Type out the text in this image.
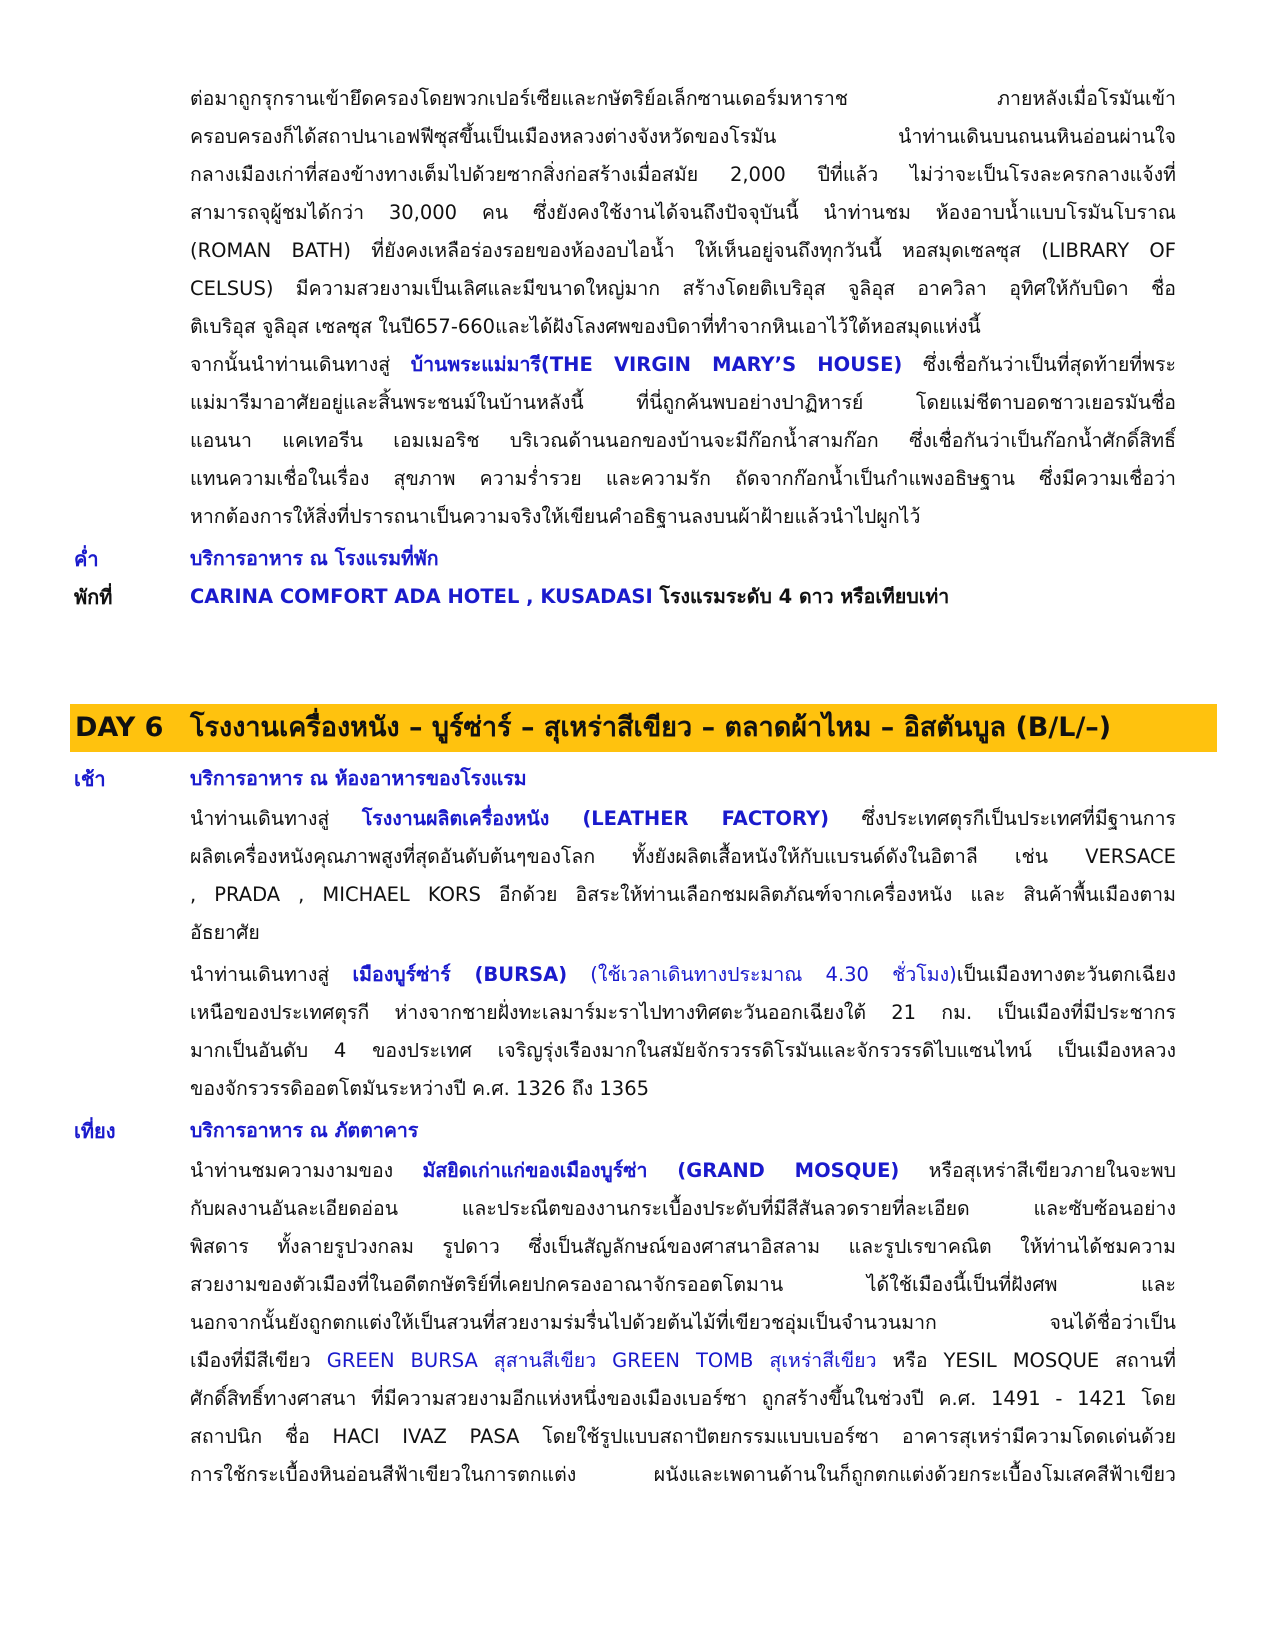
ต่อมาถูกรุกรานเข้ายึดครองโดยพวกเปอร์เซียและกษัตริย์อเล็กซานเดอร์มหาราช ภายหลังเมื่อโรมันเข้า
ครอบครองก็ได้สถาปนาเอฟฟีซุสขึ้นเป็นเมืองหลวงต่างจังหวัดของโรมัน นำท่านเดินบนถนนหินอ่อนผ่านใจ
กลางเมืองเก่าที่สองข้างทางเต็มไปด้วยซากสิ่งก่อสร้างเมื่อสมัย 2,000 ปีที่แล้ว ไม่ว่าจะเป็นโรงละครกลางแจ้งที่
สามารถจุผู้ชมได้กว่า 30,000 คน ซึ่งยังคงใช้งานได้จนถึงปัจจุบันนี้ นำท่านชม ห้องอาบน้ำแบบโรมันโบราณ
(ROMAN BATH) ที่ยังคงเหลือร่องรอยของห้องอบไอน้ำ ให้เห็นอยู่จนถึงทุกวันนี้ หอสมุดเซลซุส (LIBRARY OF
CELSUS) มีความสวยงามเป็นเลิศและมีขนาดใหญ่มาก สร้างโดยติเบริอุส จูลิอุส อาควิลา อุทิศให้กับบิดา ชื่อ
ติเบริอุส จูลิอุส เซลซุส ในปี657-660และได้ฝังโลงศพของบิดาที่ทำจากหินเอาไว้ใต้หอสมุดแห่งนี้
จากนั้นนำท่านเดินทางสู่ บ้านพระแม่มารี(THE VIRGIN MARY’S HOUSE) ซึ่งเชื่อกันว่าเป็นที่สุดท้ายที่พระ
แม่มารีมาอาศัยอยู่และสิ้นพระชนม์ในบ้านหลังนี้ ที่นี่ถูกค้นพบอย่างปาฏิหารย์ โดยแม่ชีตาบอดชาวเยอรมันชื่อ
แอนนา แคเทอรีน เอมเมอริช บริเวณด้านนอกของบ้านจะมีก๊อกน้ำสามก๊อก ซึ่งเชื่อกันว่าเป็นก๊อกน้ำศักดิ์สิทธิ์
แทนความเชื่อในเรื่อง สุขภาพ ความร่ำรวย และความรัก ถัดจากก๊อกน้ำเป็นกำแพงอธิษฐาน ซึ่งมีความเชื่อว่า
หากต้องการให้สิ่งที่ปรารถนาเป็นความจริงให้เขียนคำอธิฐานลงบนผ้าฝ้ายแล้วนำไปผูกไว้
ค่ำ	บริการอาหาร ณ โรงแรมที่พัก
พักที่	CARINA COMFORT ADA HOTEL , KUSADASI โรงแรมระดับ 4 ดาว หรือเทียบเท่า
DAY 6 โรงงานเครื่องหนัง – บูร์ซ่าร์ – สุเหร่าสีเขียว – ตลาดผ้าไหม – อิสตันบูล (B/L/–)
เช้า	บริการอาหาร ณ ห้องอาหารของโรงแรม
นำท่านเดินทางสู่ โรงงานผลิตเครื่องหนัง (LEATHER FACTORY) ซึ่งประเทศตุรกีเป็นประเทศที่มีฐานการ
ผลิตเครื่องหนังคุณภาพสูงที่สุดอันดับต้นๆของโลก ทั้งยังผลิตเสื้อหนังให้กับแบรนด์ดังในอิตาลี เช่น VERSACE
, PRADA , MICHAEL KORS อีกด้วย อิสระให้ท่านเลือกชมผลิตภัณฑ์จากเครื่องหนัง และ สินค้าพื้นเมืองตาม
อัธยาศัย
นำท่านเดินทางสู่ เมืองบูร์ซ่าร์ (BURSA) (ใช้เวลาเดินทางประมาณ 4.30 ชั่วโมง)เป็นเมืองทางตะวันตกเฉียง
เหนือของประเทศตุรกี ห่างจากชายฝั่งทะเลมาร์มะราไปทางทิศตะวันออกเฉียงใต้ 21 กม. เป็นเมืองที่มีประชากร
มากเป็นอันดับ 4 ของประเทศ เจริญรุ่งเรืองมากในสมัยจักรวรรดิโรมันและจักรวรรดิไบแซนไทน์ เป็นเมืองหลวง
ของจักรวรรดิออตโตมันระหว่างปี ค.ศ. 1326 ถึง 1365
เที่ยง	บริการอาหาร ณ ภัตตาคาร
นำท่านชมความงามของ มัสยิดเก่าแก่ของเมืองบูร์ซ่า (GRAND MOSQUE) หรือสุเหร่าสีเขียวภายในจะพบ
กับผลงานอันละเอียดอ่อน และประณีตของงานกระเบื้องประดับที่มีสีสันลวดรายที่ละเอียด และซับซ้อนอย่าง
พิสดาร ทั้งลายรูปวงกลม รูปดาว ซึ่งเป็นสัญลักษณ์ของศาสนาอิสลาม และรูปเรขาคณิต ให้ท่านได้ชมความ
สวยงามของตัวเมืองที่ในอดีตกษัตริย์ที่เคยปกครองอาณาจักรออตโตมาน ได้ใช้เมืองนี้เป็นที่ฝังศพ และ
นอกจากนั้นยังถูกตกแต่งให้เป็นสวนที่สวยงามร่มรื่นไปด้วยต้นไม้ที่เขียวชอุ่มเป็นจำนวนมาก จนได้ชื่อว่าเป็น
เมืองที่มีสีเขียว GREEN BURSA สุสานสีเขียว GREEN TOMB สุเหร่าสีเขียว หรือ YESIL MOSQUE สถานที่
ศักดิ์สิทธิ์ทางศาสนา ที่มีความสวยงามอีกแห่งหนึ่งของเมืองเบอร์ซา ถูกสร้างขึ้นในช่วงปี ค.ศ. 1491 - 1421 โดย
สถาปนิก ชื่อ HACI IVAZ PASA โดยใช้รูปแบบสถาปัตยกรรมแบบเบอร์ซา อาคารสุเหร่ามีความโดดเด่นด้วย
การใช้กระเบื้องหินอ่อนสีฟ้าเขียวในการตกแต่ง ผนังและเพดานด้านในก็ถูกตกแต่งด้วยกระเบื้องโมเสคสีฟ้าเขียว
